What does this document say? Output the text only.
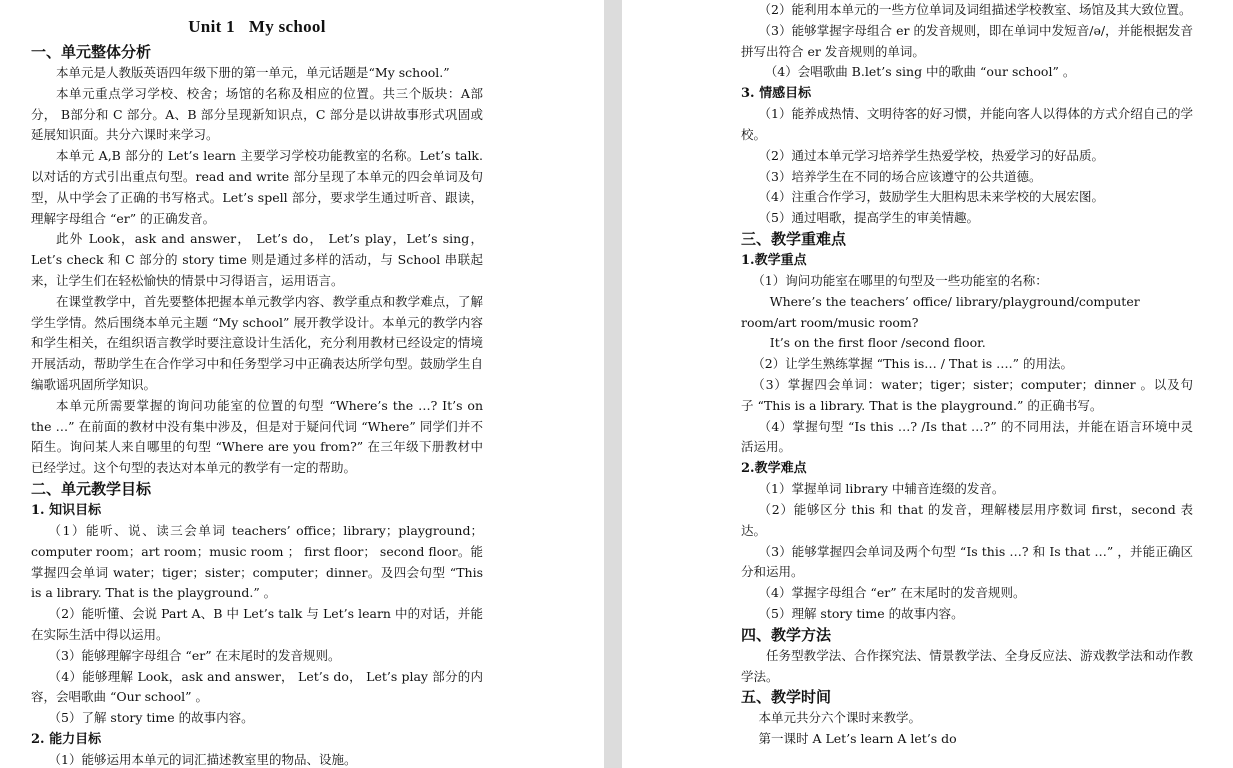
Unit 1 My school
一、单元整体分析

本单元是人教版英语四年级下册的第一单元，单元话题是“My school.”

本单元重点学习学校、校舍；场馆的名称及相应的位置。共三个版块：A部分， B部分和 C 部分。A、B 部分呈现新知识点，C 部分是以讲故事形式巩固或延展知识面。共分六课时来学习。

本单元 A,B 部分的 Let’s learn 主要学习学校功能教室的名称。Let’s talk.以对话的方式引出重点句型。read and write 部分呈现了本单元的四会单词及句型，从中学会了正确的书写格式。Let’s spell 部分，要求学生通过听音、跟读，理解字母组合 “er” 的正确发音。

此外 Look，ask and answer， Let’s do， Let’s play，Let’s sing，Let’s check 和 C 部分的 story time 则是通过多样的活动，与 School 串联起来，让学生们在轻松愉快的情景中习得语言，运用语言。

在课堂教学中，首先要整体把握本单元教学内容、教学重点和教学难点，了解学生学情。然后围绕本单元主题 “My school” 展开教学设计。本单元的教学内容和学生相关，在组织语言教学时要注意设计生活化，充分利用教材已经设定的情境开展活动，帮助学生在合作学习中和任务型学习中正确表达所学句型。鼓励学生自编歌谣巩固所学知识。

本单元所需要掌握的询问功能室的位置的句型 “Where’s the …? It’s on the …” 在前面的教材中没有集中涉及，但是对于疑问代词 “Where” 同学们并不陌生。询问某人来自哪里的句型 “Where are you from?” 在三年级下册教材中已经学过。这个句型的表达对本单元的教学有一定的帮助。

二、单元教学目标
1. 知识目标

（1）能听、说、读三会单词 teachers’ office；library；playground；computer room；art room；music room ； first floor； second floor。能掌握四会单词 water；tiger；sister；computer；dinner。及四会句型 “This is a library. That is the playground.” 。

（2）能听懂、会说 Part A、B 中 Let’s talk 与 Let’s learn 中的对话，并能在实际生活中得以运用。

（3）能够理解字母组合 “er” 在末尾时的发音规则。

（4）能够理解 Look，ask and answer， Let’s do， Let’s play 部分的内容，会唱歌曲 “Our school” 。

（5）了解 story time 的故事内容。

2. 能力目标

（1）能够运用本单元的词汇描述教室里的物品、设施。

（2）能利用本单元的一些方位单词及词组描述学校教室、场馆及其大致位置。

（3）能够掌握字母组合 er 的发音规则，即在单词中发短音/ə/，并能根据发音拼写出符合 er 发音规则的单词。

（4）会唱歌曲 B.let’s sing 中的歌曲 “our school” 。

3. 情感目标

（1）能养成热情、文明待客的好习惯，并能向客人以得体的方式介绍自己的学校。

（2）通过本单元学习培养学生热爱学校，热爱学习的好品质。

（3）培养学生在不同的场合应该遵守的公共道德。

（4）注重合作学习，鼓励学生大胆构思未来学校的大展宏图。

（5）通过唱歌，提高学生的审美情趣。

三、教学重难点
1.教学重点

（1）询问功能室在哪里的句型及一些功能室的名称：

Where’s the teachers’ office/ library/playground/computer room/art room/music room?

It’s on the first floor /second floor.

（2）让学生熟练掌握 “This is… / That is ….” 的用法。

（3）掌握四会单词：water；tiger；sister；computer；dinner 。以及句子 “This is a library. That is the playground.” 的正确书写。

（4）掌握句型 “Is this …? /Is that …?” 的不同用法，并能在语言环境中灵活运用。

2.教学难点

（1）掌握单词 library 中辅音连缀的发音。

（2）能够区分 this 和 that 的发音，理解楼层用序数词 first，second 表达。

（3）能够掌握四会单词及两个句型 “Is this …? 和 Is that …” ，并能正确区分和运用。

（4）掌握字母组合 “er” 在末尾时的发音规则。

（5）理解 story time 的故事内容。

四、教学方法

任务型教学法、合作探究法、情景教学法、全身反应法、游戏教学法和动作教学法。

五、教学时间

本单元共分六个课时来教学。

第一课时 A Let’s learn A let’s do
